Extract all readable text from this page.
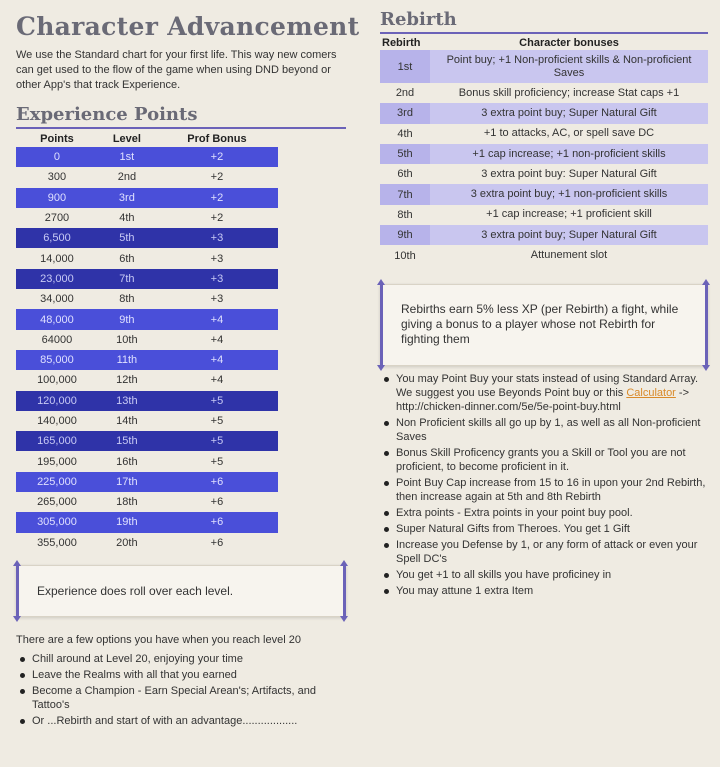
Character Advancement

We use the Standard chart for your first life. This way new comers can get used to the flow of the game when using DND beyond or other App's that track Experience.

Experience Points
Points	Level	Prof Bonus
0	1st	+2
300	2nd	+2
900	3rd	+2
2700	4th	+2
6,500	5th	+3
14,000	6th	+3
23,000	7th	+3
34,000	8th	+3
48,000	9th	+4
64000	10th	+4
85,000	11th	+4
100,000	12th	+4
120,000	13th	+5
140,000	14th	+5
165,000	15th	+5
195,000	16th	+5
225,000	17th	+6
265,000	18th	+6
305,000	19th	+6
355,000	20th	+6
Experience does roll over each level.

There are a few options you have when you reach level 20

Chill around at Level 20, enjoying your time
Leave the Realms with all that you earned
Become a Champion - Earn Special Arean's; Artifacts, and Tattoo's
Or ...Rebirth and start of with an advantage..................
Rebirth
Rebirth	Character bonuses
1st	Point buy; +1 Non-proficient skills & Non-proficient Saves
2nd	Bonus skill proficiency; increase Stat caps +1
3rd	3 extra point buy; Super Natural Gift
4th	+1 to attacks, AC, or spell save DC
5th	+1 cap increase; +1 non-proficient skills
6th	3 extra point buy: Super Natural Gift
7th	3 extra point buy; +1 non-proficient skills
8th	+1 cap increase; +1 proficient skill
9th	3 extra point buy; Super Natural Gift
10th	Attunement slot
Rebirths earn 5% less XP (per Rebirth) a fight, while giving a bonus to a player whose not Rebirth for fighting them
You may Point Buy your stats instead of using Standard Array. We suggest you use Beyonds Point buy or this Calculator -> http://chicken-dinner.com/5e/5e-point-buy.html
Non Proficient skills all go up by 1, as well as all Non-proficient Saves
Bonus Skill Proficency grants you a Skill or Tool you are not proficient, to become proficient in it.
Point Buy Cap increase from 15 to 16 in upon your 2nd Rebirth, then increase again at 5th and 8th Rebirth
Extra points - Extra points in your point buy pool.
Super Natural Gifts from Theroes. You get 1 Gift
Increase you Defense by 1, or any form of attack or even your Spell DC's
You get +1 to all skills you have proficiney in
You may attune 1 extra Item
